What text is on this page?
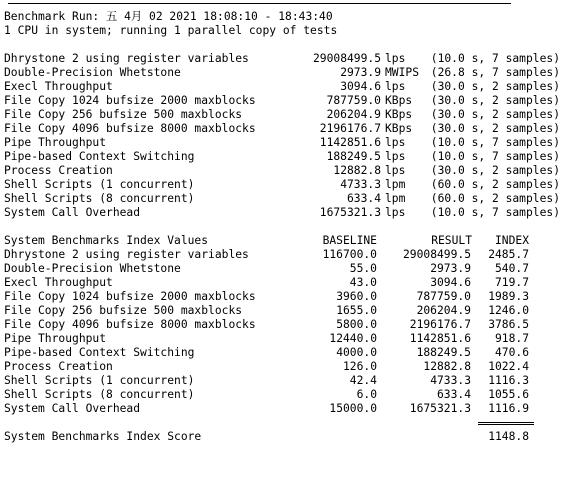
Benchmark Run: 五 4月 02 2021 18:08:10 - 18:43:40
1 CPU in system; running 1 parallel copy of tests
Dhrystone 2 using register variables	29008499.5 lps (10.0 s, 7 samples)
Double-Precision Whetstone	2973.9 MWIPS (26.8 s, 7 samples)
Execl Throughput	3094.6 lps (30.0 s, 2 samples)
File Copy 1024 bufsize 2000 maxblocks	787759.0 KBps (30.0 s, 2 samples)
File Copy 256 bufsize 500 maxblocks	206204.9 KBps (30.0 s, 2 samples)
File Copy 4096 bufsize 8000 maxblocks	2196176.7 KBps (30.0 s, 2 samples)
Pipe Throughput	1142851.6 lps (10.0 s, 7 samples)
Pipe-based Context Switching	188249.5 lps (10.0 s, 7 samples)
Process Creation	12882.8 lps (30.0 s, 2 samples)
Shell Scripts (1 concurrent)	4733.3 lpm (60.0 s, 2 samples)
Shell Scripts (8 concurrent)	633.4 lpm (60.0 s, 2 samples)
System Call Overhead	1675321.3 lps (10.0 s, 7 samples)
System Benchmarks Index Values	BASELINE	RESULT	INDEX
Dhrystone 2 using register variables	116700.0	29008499.5	2485.7
Double-Precision Whetstone	55.0	2973.9	540.7
Execl Throughput	43.0	3094.6	719.7
File Copy 1024 bufsize 2000 maxblocks	3960.0	787759.0	1989.3
File Copy 256 bufsize 500 maxblocks	1655.0	206204.9	1246.0
File Copy 4096 bufsize 8000 maxblocks	5800.0	2196176.7	3786.5
Pipe Throughput	12440.0	1142851.6	918.7
Pipe-based Context Switching	4000.0	188249.5	470.6
Process Creation	126.0	12882.8	1022.4
Shell Scripts (1 concurrent)	42.4	4733.3	1116.3
Shell Scripts (8 concurrent)	6.0	633.4	1055.6
System Call Overhead	15000.0	1675321.3	1116.9

System Benchmarks Index Score

	1148.8
